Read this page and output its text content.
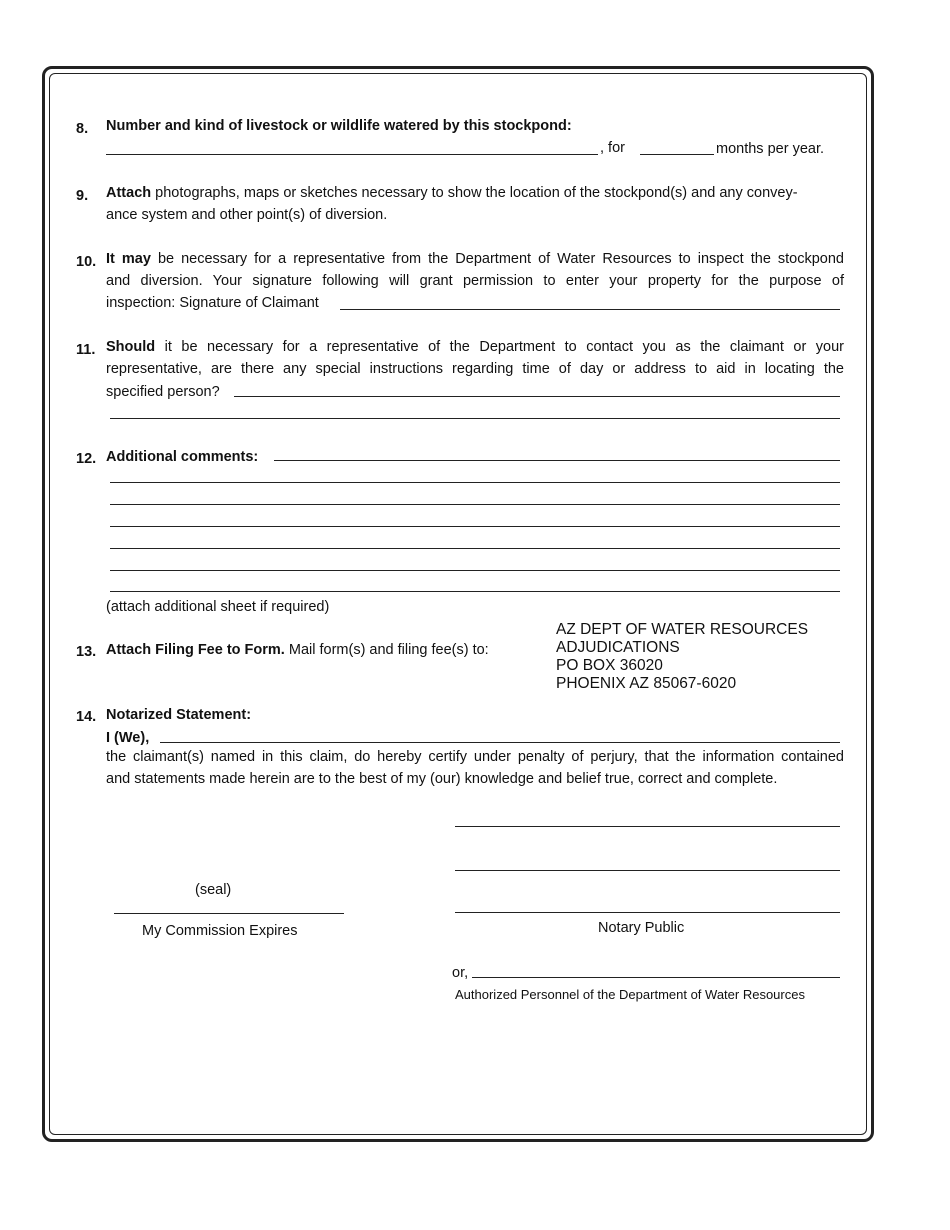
8. Number and kind of livestock or wildlife watered by this stockpond:
, for	months per year.
9. Attach photographs, maps or sketches necessary to show the location of the stockpond(s) and any convey-
ance system and other point(s) of diversion.
10. It may be necessary for a representative from the Department of Water Resources to inspect the stockpond
and diversion. Your signature following will grant permission to enter your property for the purpose of
inspection: Signature of Claimant
11. Should it be necessary for a representative of the Department to contact you as the claimant or your
representative, are there any special instructions regarding time of day or address to aid in locating the
specified person?
12. Additional comments:
(attach additional sheet if required)
13. Attach Filing Fee to Form. Mail form(s) and filing fee(s) to:
AZ DEPT OF WATER RESOURCES
ADJUDICATIONS
PO BOX 36020
PHOENIX AZ 85067-6020
14. Notarized Statement:
I (We),
the claimant(s) named in this claim, do hereby certify under penalty of perjury, that the information contained
and statements made herein are to the best of my (our) knowledge and belief true, correct and complete.
(seal)
My Commission Expires	Notary Public
or,
Authorized Personnel of the Department of Water Resources
